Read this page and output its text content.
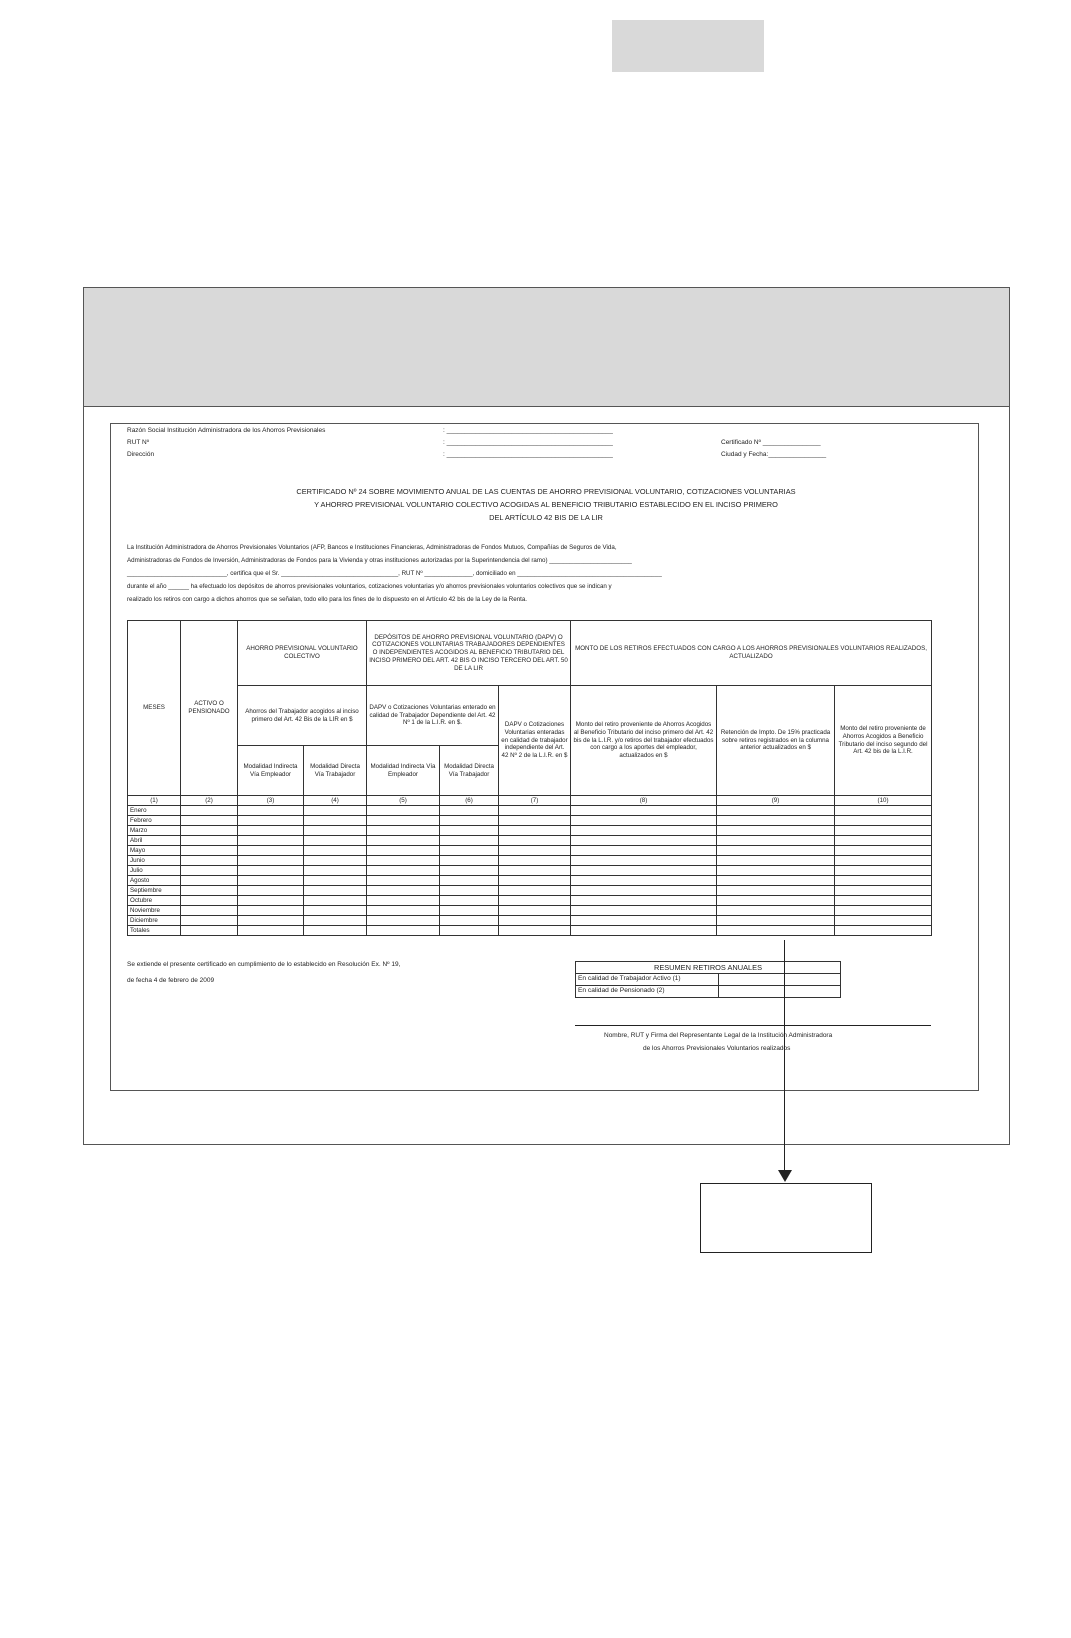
Razón Social Institución Administradora de los Ahorros Previsionales	: ______________________________________________
RUT Nº	: ______________________________________________	Certificado Nº ________________
Dirección	: ______________________________________________	Ciudad y Fecha:________________
CERTIFICADO Nº 24 SOBRE MOVIMIENTO ANUAL DE LAS CUENTAS DE AHORRO PREVISIONAL VOLUNTARIO, COTIZACIONES VOLUNTARIAS
Y AHORRO PREVISIONAL VOLUNTARIO COLECTIVO ACOGIDAS AL BENEFICIO TRIBUTARIO ESTABLECIDO EN EL INCISO PRIMERO
DEL ARTÍCULO 42 BIS DE LA LIR
La Institución Administradora de Ahorros Previsionales Voluntarios (AFP, Bancos e Instituciones Financieras, Administradoras de Fondos Mutuos, Compañías de Seguros de Vida,
Administradoras de Fondos de Inversión, Administradoras de Fondos para la Vivienda y otras instituciones autorizadas por la Superintendencia del ramo) ________________________
_____________________________, certifica que el Sr. __________________________________, RUT Nº ______________, domiciliado en __________________________________________
durante el año ______ ha efectuado los depósitos de ahorros previsionales voluntarios, cotizaciones voluntarias y/o ahorros previsionales voluntarios colectivos que se indican y
realizado los retiros con cargo a dichos ahorros que se señalan, todo ello para los fines de lo dispuesto en el Artículo 42 bis de la Ley de la Renta.
MESES	ACTIVO O PENSIONADO	AHORRO PREVISIONAL VOLUNTARIO COLECTIVO		DEPÓSITOS DE AHORRO PREVISIONAL VOLUNTARIO (DAPV) O COTIZACIONES VOLUNTARIAS TRABAJADORES DEPENDIENTES O INDEPENDIENTES ACOGIDOS AL BENEFICIO TRIBUTARIO DEL INCISO PRIMERO DEL ART. 42 BIS O INCISO TERCERO DEL ART. 50 DE LA LIR			MONTO DE LOS RETIROS EFECTUADOS CON CARGO A LOS AHORROS PREVISIONALES VOLUNTARIOS REALIZADOS, ACTUALIZADO		
		Ahorros del Trabajador acogidos al inciso primero del Art. 42 Bis de la LIR en $		DAPV o Cotizaciones Voluntarias enterado en calidad de Trabajador Dependiente del Art. 42 Nº 1 de la L.I.R. en $.		DAPV o Cotizaciones Voluntarias enteradas en calidad de trabajador independiente del Art. 42 Nº 2 de la L.I.R. en $	Monto del retiro proveniente de Ahorros Acogidos al Beneficio Tributario del inciso primero del Art. 42 bis de la L.I.R. y/o retiros del trabajador efectuados con cargo a los aportes del empleador, actualizados en $	Retención de Impto. De 15% practicada sobre retiros registrados en la columna anterior actualizados en $	Monto del retiro proveniente de Ahorros Acogidos a Beneficio Tributario del inciso segundo del Art. 42 bis de la L.I.R.
		Modalidad Indirecta Vía Empleador	Modalidad Directa Vía Trabajador	Modalidad Indirecta Vía Empleador	Modalidad Directa Vía Trabajador				
(1)	(2)	(3)	(4)	(5)	(6)	(7)	(8)	(9)	(10)
Enero									
Febrero									
Marzo									
Abril									
Mayo									
Junio									
Julio									
Agosto									
Septiembre									
Octubre									
Noviembre									
Diciembre									
Totales									
Se extiende el presente certificado en cumplimiento de lo establecido en Resolución Ex. Nº 19,
de fecha 4 de febrero de 2009
RESUMEN RETIROS ANUALES	
En calidad de Trabajador Activo (1)	
En calidad de Pensionado (2)	
Nombre, RUT y Firma del Representante Legal de la Institución Administradora
de los Ahorros Previsionales Voluntarios realizados
